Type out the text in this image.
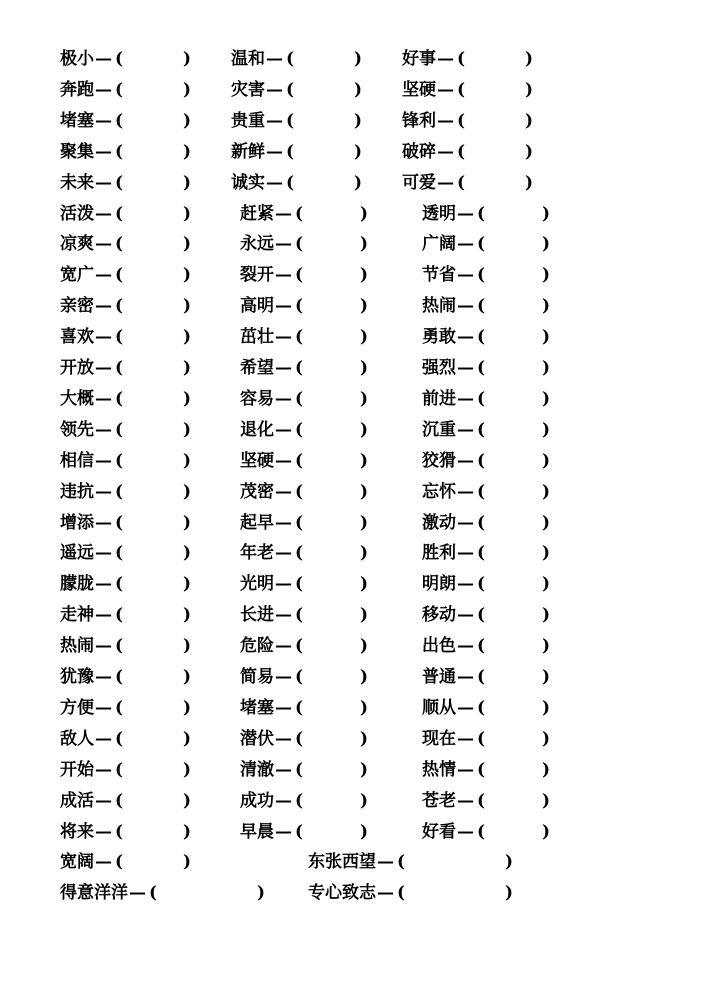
极小 — (	) 温和 — (	) 好事 — (	)
奔跑 — (	) 灾害 — (	) 坚硬 — (	)
堵塞 — (	) 贵重 — (	) 锋利 — (	)
聚集 — (	) 新鲜 — (	) 破碎 — (	)
未来 — (	) 诚实 — (	) 可爱 — (	)
活泼 — (	)	赶紧 — (	)	透明 — (	)
凉爽 — (	)	永远 — (	)	广阔 — (	)
宽广 — (	)	裂开 — (	)	节省 — (	)
亲密 — (	)	高明 — (	)	热闹 — (	)
喜欢 — (	)	茁壮 — (	)	勇敢 — (	)
开放 — (	)	希望 — (	)	强烈 — (	)
大概 — (	)	容易 — (	)	前进 — (	)
领先 — (	)	退化 — (	)	沉重 — (	)
相信 — (	)	坚硬 — (	)	狡猾 — (	)
违抗 — (	)	茂密 — (	)	忘怀 — (	)
增添 — (	)	起早 — (	)	激动 — (	)
遥远 — (	)	年老 — (	)	胜利 — (	)
朦胧 — (	)	光明 — (	)	明朗 — (	)
走神 — (	)	长进 — (	)	移动 — (	)
热闹 — (	)	危险 — (	)	出色 — (	)
犹豫 — (	)	简易 — (	)	普通 — (	)
方便 — (	)	堵塞 — (	)	顺从 — (	)
敌人 — (	)	潜伏 — (	)	现在 — (	)
开始 — (	)	清澈 — (	)	热情 — (	)
成活 — (	)	成功 — (	)	苍老 — (	)
将来 — (	)	早晨 — (	)	好看 — (	)
宽阔 — (	)	东张西望 — (	)
得意洋洋 — (	)	专心致志 — (	)
